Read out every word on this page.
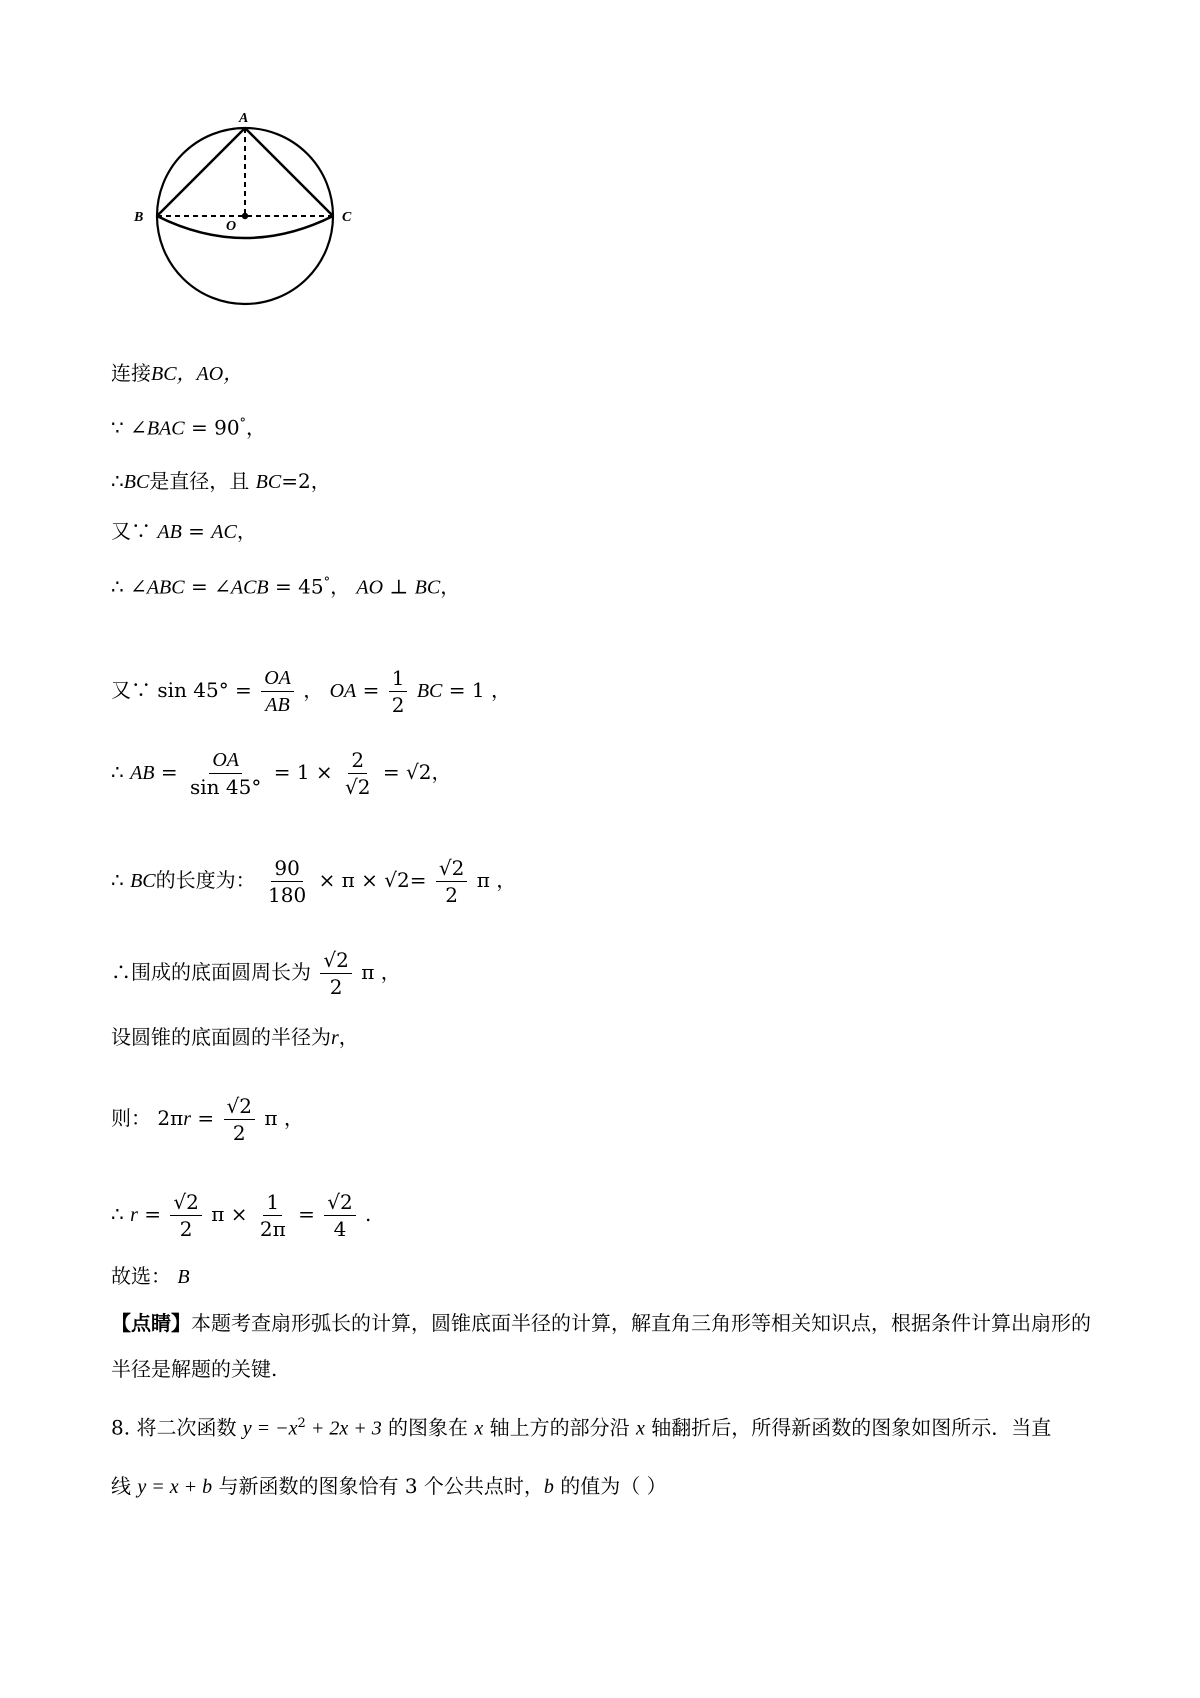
A
B	C
O
连接BC，AO，
∵ ∠BAC = 90°，
∴BC是直径，且 BC=2，
又∵ AB = AC，
∴ ∠ABC = ∠ACB = 45°， AO ⊥ BC，
又∵ $\sin 45^\circ = \frac{OA}{AB}$ ， OA = $\frac{1}{2}$ BC = 1 ，
∴ AB = $\frac{OA}{\sin 45^\circ} = 1 \times \frac{2}{√2} = √2$，
∴ BC的长度为： $\frac{90}{180} \times \pi \times √2= \frac{√2}{2}$ π ，
∴围成的底面圆周长为 $\frac{√2}{2}$ π ，
设圆锥的底面圆的半径为r，
则： $2\pi r = \frac{√2}{2}$ π ，
∴ $r = \frac{√2}{2}$ $\pi \times \frac{1}{2\pi} = \frac{√2}{4}$ .
故选： B
【点睛】本题考查扇形弧长的计算，圆锥底面半径的计算，解直角三角形等相关知识点，根据条件计算出扇形的半径是解题的关键.
8. 将二次函数 $y = -x^2 + 2x + 3$ 的图象在 x 轴上方的部分沿 x 轴翻折后，所得新函数的图象如图所示．当直
线 y = x + b 与新函数的图象恰有 3 个公共点时，b 的值为（ ）
